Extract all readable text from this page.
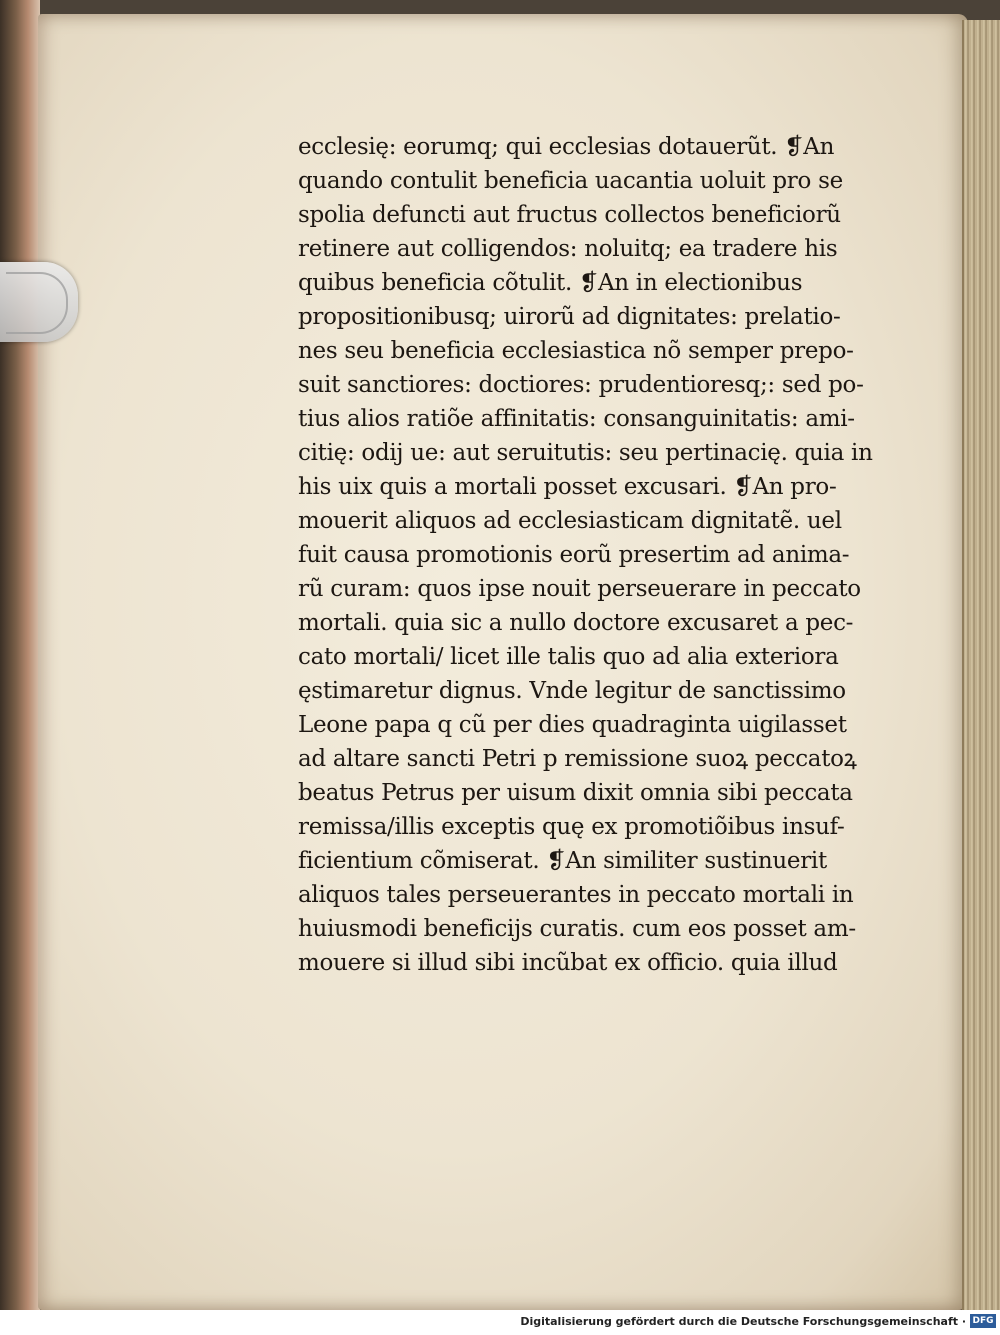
ecclesię: eorumq; qui ecclesias dotauerũt. ❡An
quando contulit beneficia uacantia uoluit pro se
spolia defuncti aut fructus collectos beneficiorũ
retinere aut colligendos: noluitq; ea tradere his
quibus beneficia cõtulit. ❡An in electionibus
propositionibusq; uirorũ ad dignitates: prelatio-
nes seu beneficia ecclesiastica nõ semper prepo-
suit sanctiores: doctiores: prudentioresq;: sed po-
tius alios ratiõe affinitatis: consanguinitatis: ami-
citię: odij ue: aut seruitutis: seu pertinacię. quia in
his uix quis a mortali posset excusari. ❡An pro-
mouerit aliquos ad ecclesiasticam dignitatẽ. uel
fuit causa promotionis eorũ presertim ad anima-
rũ curam: quos ipse nouit perseuerare in peccato
mortali. quia sic a nullo doctore excusaret a pec-
cato mortali/ licet ille talis quo ad alia exteriora
ęstimaretur dignus. Vnde legitur de sanctissimo
Leone papa q cũ per dies quadraginta uigilasset
ad altare sancti Petri p remissione suoꝝ peccatoꝝ
beatus Petrus per uisum dixit omnia sibi peccata
remissa/illis exceptis quę ex promotiõibus insuf-
ficientium cõmiserat. ❡An similiter sustinuerit
aliquos tales perseuerantes in peccato mortali in
huiusmodi beneficijs curatis. cum eos posset am-
mouere si illud sibi incũbat ex officio. quia illud
Digitalisierung gefördert durch die Deutsche Forschungsgemeinschaft · DFG
